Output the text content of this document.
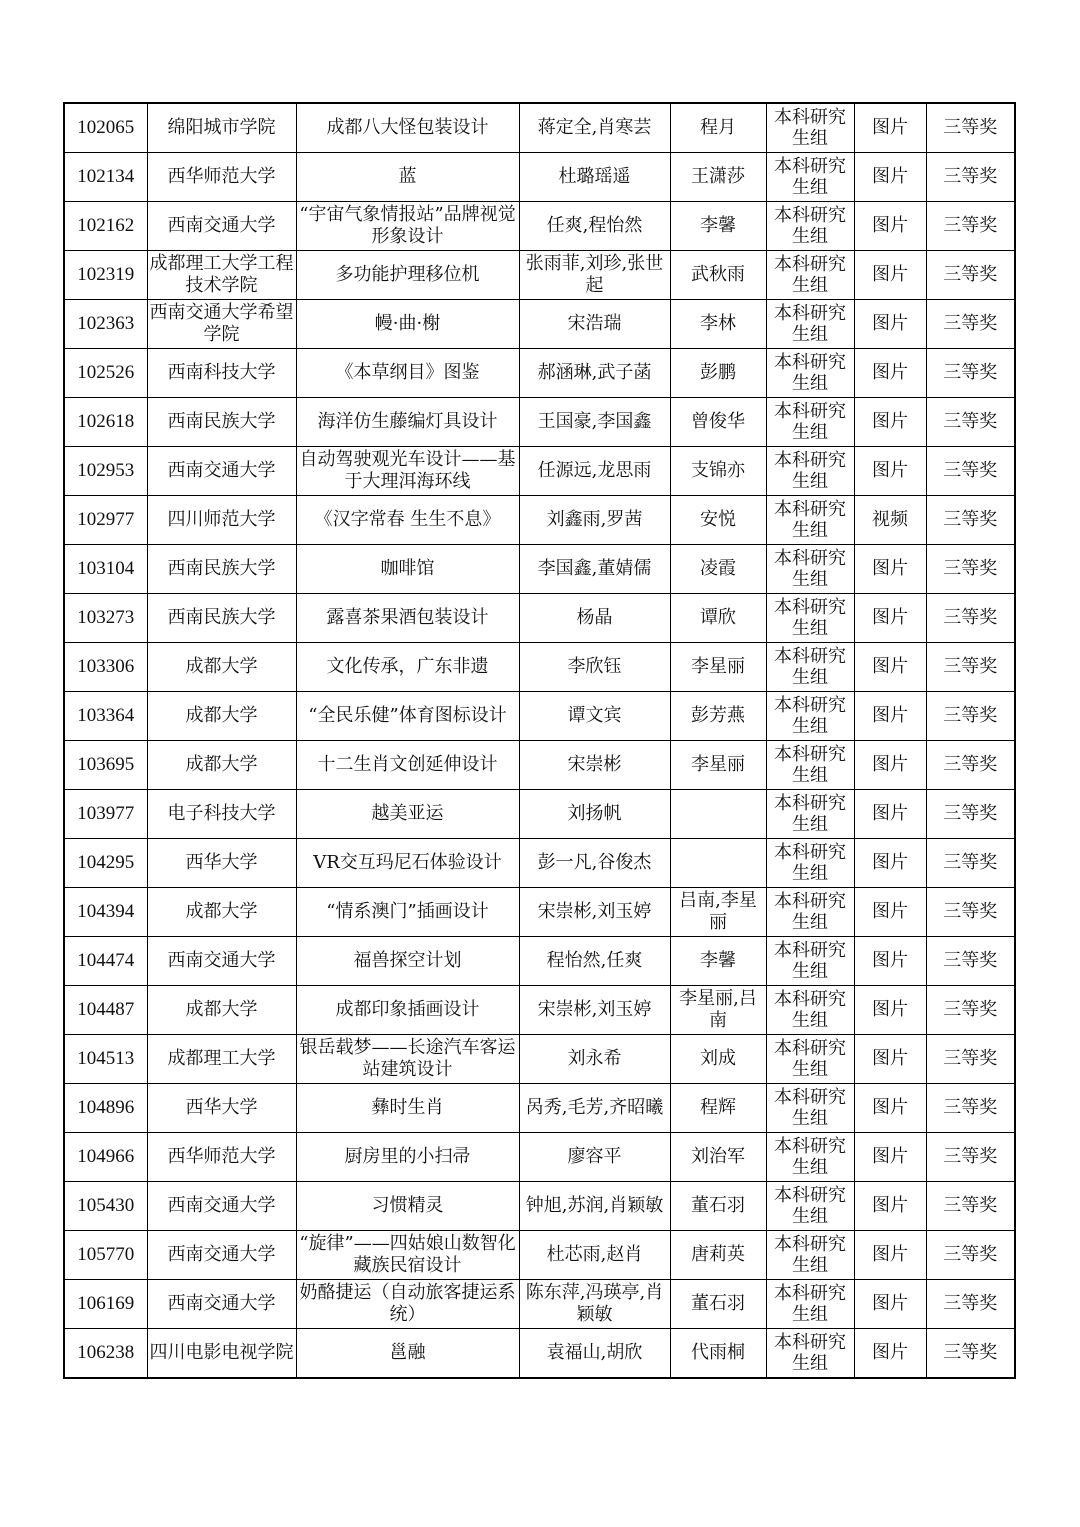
102065	绵阳城市学院	成都八大怪包装设计	蒋定全,肖寒芸	程月	本科研究生组	图片	三等奖
102134	西华师范大学	蓝	杜璐瑶遥	王潇莎	本科研究生组	图片	三等奖
102162	西南交通大学	“宇宙气象情报站”品牌视觉形象设计	任爽,程怡然	李馨	本科研究生组	图片	三等奖
102319	成都理工大学工程技术学院	多功能护理移位机	张雨菲,刘珍,张世起	武秋雨	本科研究生组	图片	三等奖
102363	西南交通大学希望学院	幔·曲·榭	宋浩瑞	李林	本科研究生组	图片	三等奖
102526	西南科技大学	《本草纲目》图鉴	郝涵琳,武子菡	彭鹏	本科研究生组	图片	三等奖
102618	西南民族大学	海洋仿生藤编灯具设计	王国豪,李国鑫	曾俊华	本科研究生组	图片	三等奖
102953	西南交通大学	自动驾驶观光车设计——基于大理洱海环线	任源远,龙思雨	支锦亦	本科研究生组	图片	三等奖
102977	四川师范大学	《汉字常春 生生不息》	刘鑫雨,罗茜	安悦	本科研究生组	视频	三等奖
103104	西南民族大学	咖啡馆	李国鑫,董婧儒	凌霞	本科研究生组	图片	三等奖
103273	西南民族大学	露喜茶果酒包装设计	杨晶	谭欣	本科研究生组	图片	三等奖
103306	成都大学	文化传承，广东非遗	李欣钰	李星丽	本科研究生组	图片	三等奖
103364	成都大学	“全民乐健”体育图标设计	谭文宾	彭芳燕	本科研究生组	图片	三等奖
103695	成都大学	十二生肖文创延伸设计	宋崇彬	李星丽	本科研究生组	图片	三等奖
103977	电子科技大学	越美亚运	刘扬帆		本科研究生组	图片	三等奖
104295	西华大学	VR交互玛尼石体验设计	彭一凡,谷俊杰		本科研究生组	图片	三等奖
104394	成都大学	“情系澳门”插画设计	宋崇彬,刘玉婷	吕南,李星丽	本科研究生组	图片	三等奖
104474	西南交通大学	福兽探空计划	程怡然,任爽	李馨	本科研究生组	图片	三等奖
104487	成都大学	成都印象插画设计	宋崇彬,刘玉婷	李星丽,吕南	本科研究生组	图片	三等奖
104513	成都理工大学	银岳载梦——长途汽车客运站建筑设计	刘永希	刘成	本科研究生组	图片	三等奖
104896	西华大学	彝时生肖	呙秀,毛芳,齐昭曦	程辉	本科研究生组	图片	三等奖
104966	西华师范大学	厨房里的小扫帚	廖容平	刘治军	本科研究生组	图片	三等奖
105430	西南交通大学	习惯精灵	钟旭,苏润,肖颖敏	董石羽	本科研究生组	图片	三等奖
105770	西南交通大学	“旋律”——四姑娘山数智化藏族民宿设计	杜芯雨,赵肖	唐莉英	本科研究生组	图片	三等奖
106169	西南交通大学	奶酪捷运（自动旅客捷运系统）	陈东萍,冯瑛亭,肖颖敏	董石羽	本科研究生组	图片	三等奖
106238	四川电影电视学院	邕融	袁福山,胡欣	代雨桐	本科研究生组	图片	三等奖
